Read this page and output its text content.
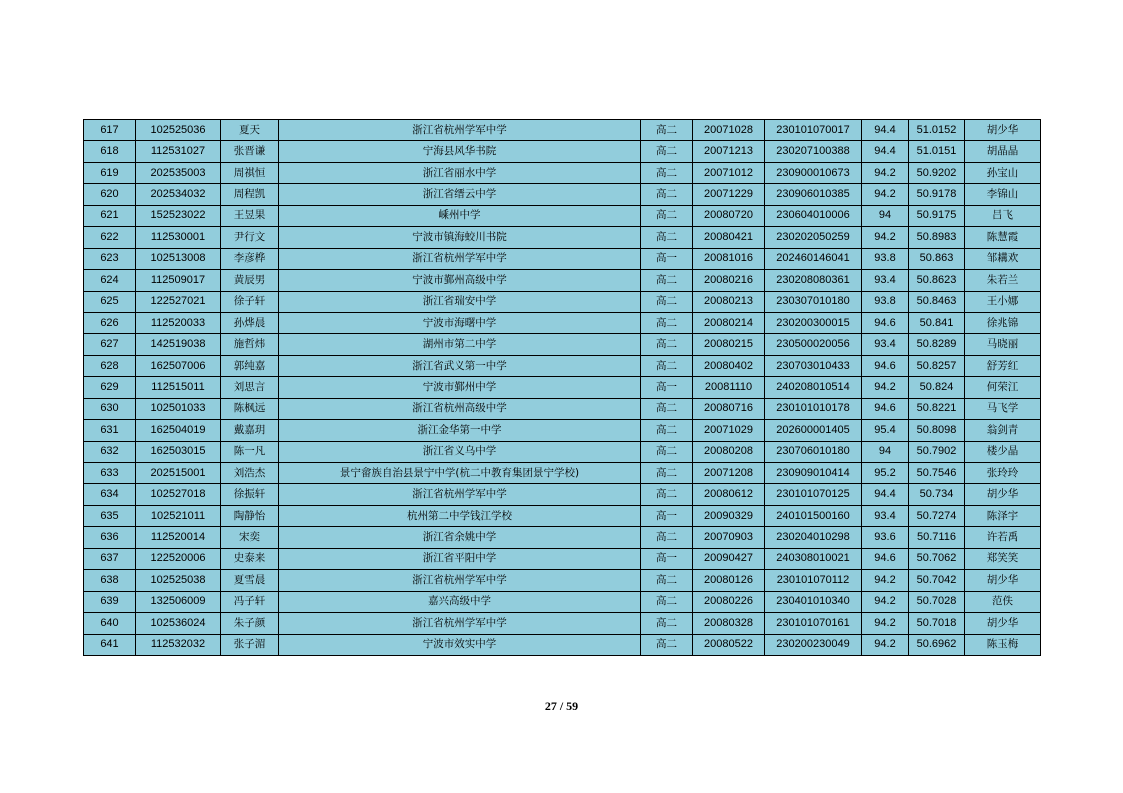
617	102525036	夏天	浙江省杭州学军中学	高二	20071028	230101070017	94.4	51.0152	胡少华
618	112531027	张晋谦	宁海县风华书院	高二	20071213	230207100388	94.4	51.0151	胡晶晶
619	202535003	周祺恒	浙江省丽水中学	高二	20071012	230900010673	94.2	50.9202	孙宝山
620	202534032	周程凯	浙江省缙云中学	高二	20071229	230906010385	94.2	50.9178	李锦山
621	152523022	王昱果	嵊州中学	高二	20080720	230604010006	94	50.9175	吕飞
622	112530001	尹行文	宁波市镇海蛟川书院	高二	20080421	230202050259	94.2	50.8983	陈慧霞
623	102513008	李彦桦	浙江省杭州学军中学	高一	20081016	202460146041	93.8	50.863	邹耩欢
624	112509017	黄辰男	宁波市鄞州高级中学	高二	20080216	230208080361	93.4	50.8623	朱若兰
625	122527021	徐子轩	浙江省瑞安中学	高二	20080213	230307010180	93.8	50.8463	王小娜
626	112520033	孙烨晨	宁波市海曙中学	高二	20080214	230200300015	94.6	50.841	徐兆锦
627	142519038	施哲炜	湖州市第二中学	高二	20080215	230500020056	93.4	50.8289	马晓丽
628	162507006	郭纯嘉	浙江省武义第一中学	高二	20080402	230703010433	94.6	50.8257	舒芳红
629	112515011	刘思言	宁波市鄞州中学	高一	20081110	240208010514	94.2	50.824	何荣江
630	102501033	陈枫远	浙江省杭州高级中学	高二	20080716	230101010178	94.6	50.8221	马飞学
631	162504019	戴嘉玥	浙江金华第一中学	高二	20071029	202600001405	95.4	50.8098	翁剑青
632	162503015	陈一凡	浙江省义乌中学	高二	20080208	230706010180	94	50.7902	楼少晶
633	202515001	刘浩杰	景宁畲族自治县景宁中学(杭二中教育集团景宁学校)	高二	20071208	230909010414	95.2	50.7546	张玲玲
634	102527018	徐振轩	浙江省杭州学军中学	高二	20080612	230101070125	94.4	50.734	胡少华
635	102521011	陶静怡	杭州第二中学钱江学校	高一	20090329	240101500160	93.4	50.7274	陈泽宇
636	112520014	宋奕	浙江省余姚中学	高二	20070903	230204010298	93.6	50.7116	许若禹
637	122520006	史泰来	浙江省平阳中学	高一	20090427	240308010021	94.6	50.7062	郑笑笑
638	102525038	夏雪晨	浙江省杭州学军中学	高二	20080126	230101070112	94.2	50.7042	胡少华
639	132506009	冯子轩	嘉兴高级中学	高二	20080226	230401010340	94.2	50.7028	范佚
640	102536024	朱子颜	浙江省杭州学军中学	高二	20080328	230101070161	94.2	50.7018	胡少华
641	112532032	张子湄	宁波市效实中学	高二	20080522	230200230049	94.2	50.6962	陈玉梅
27 / 59
